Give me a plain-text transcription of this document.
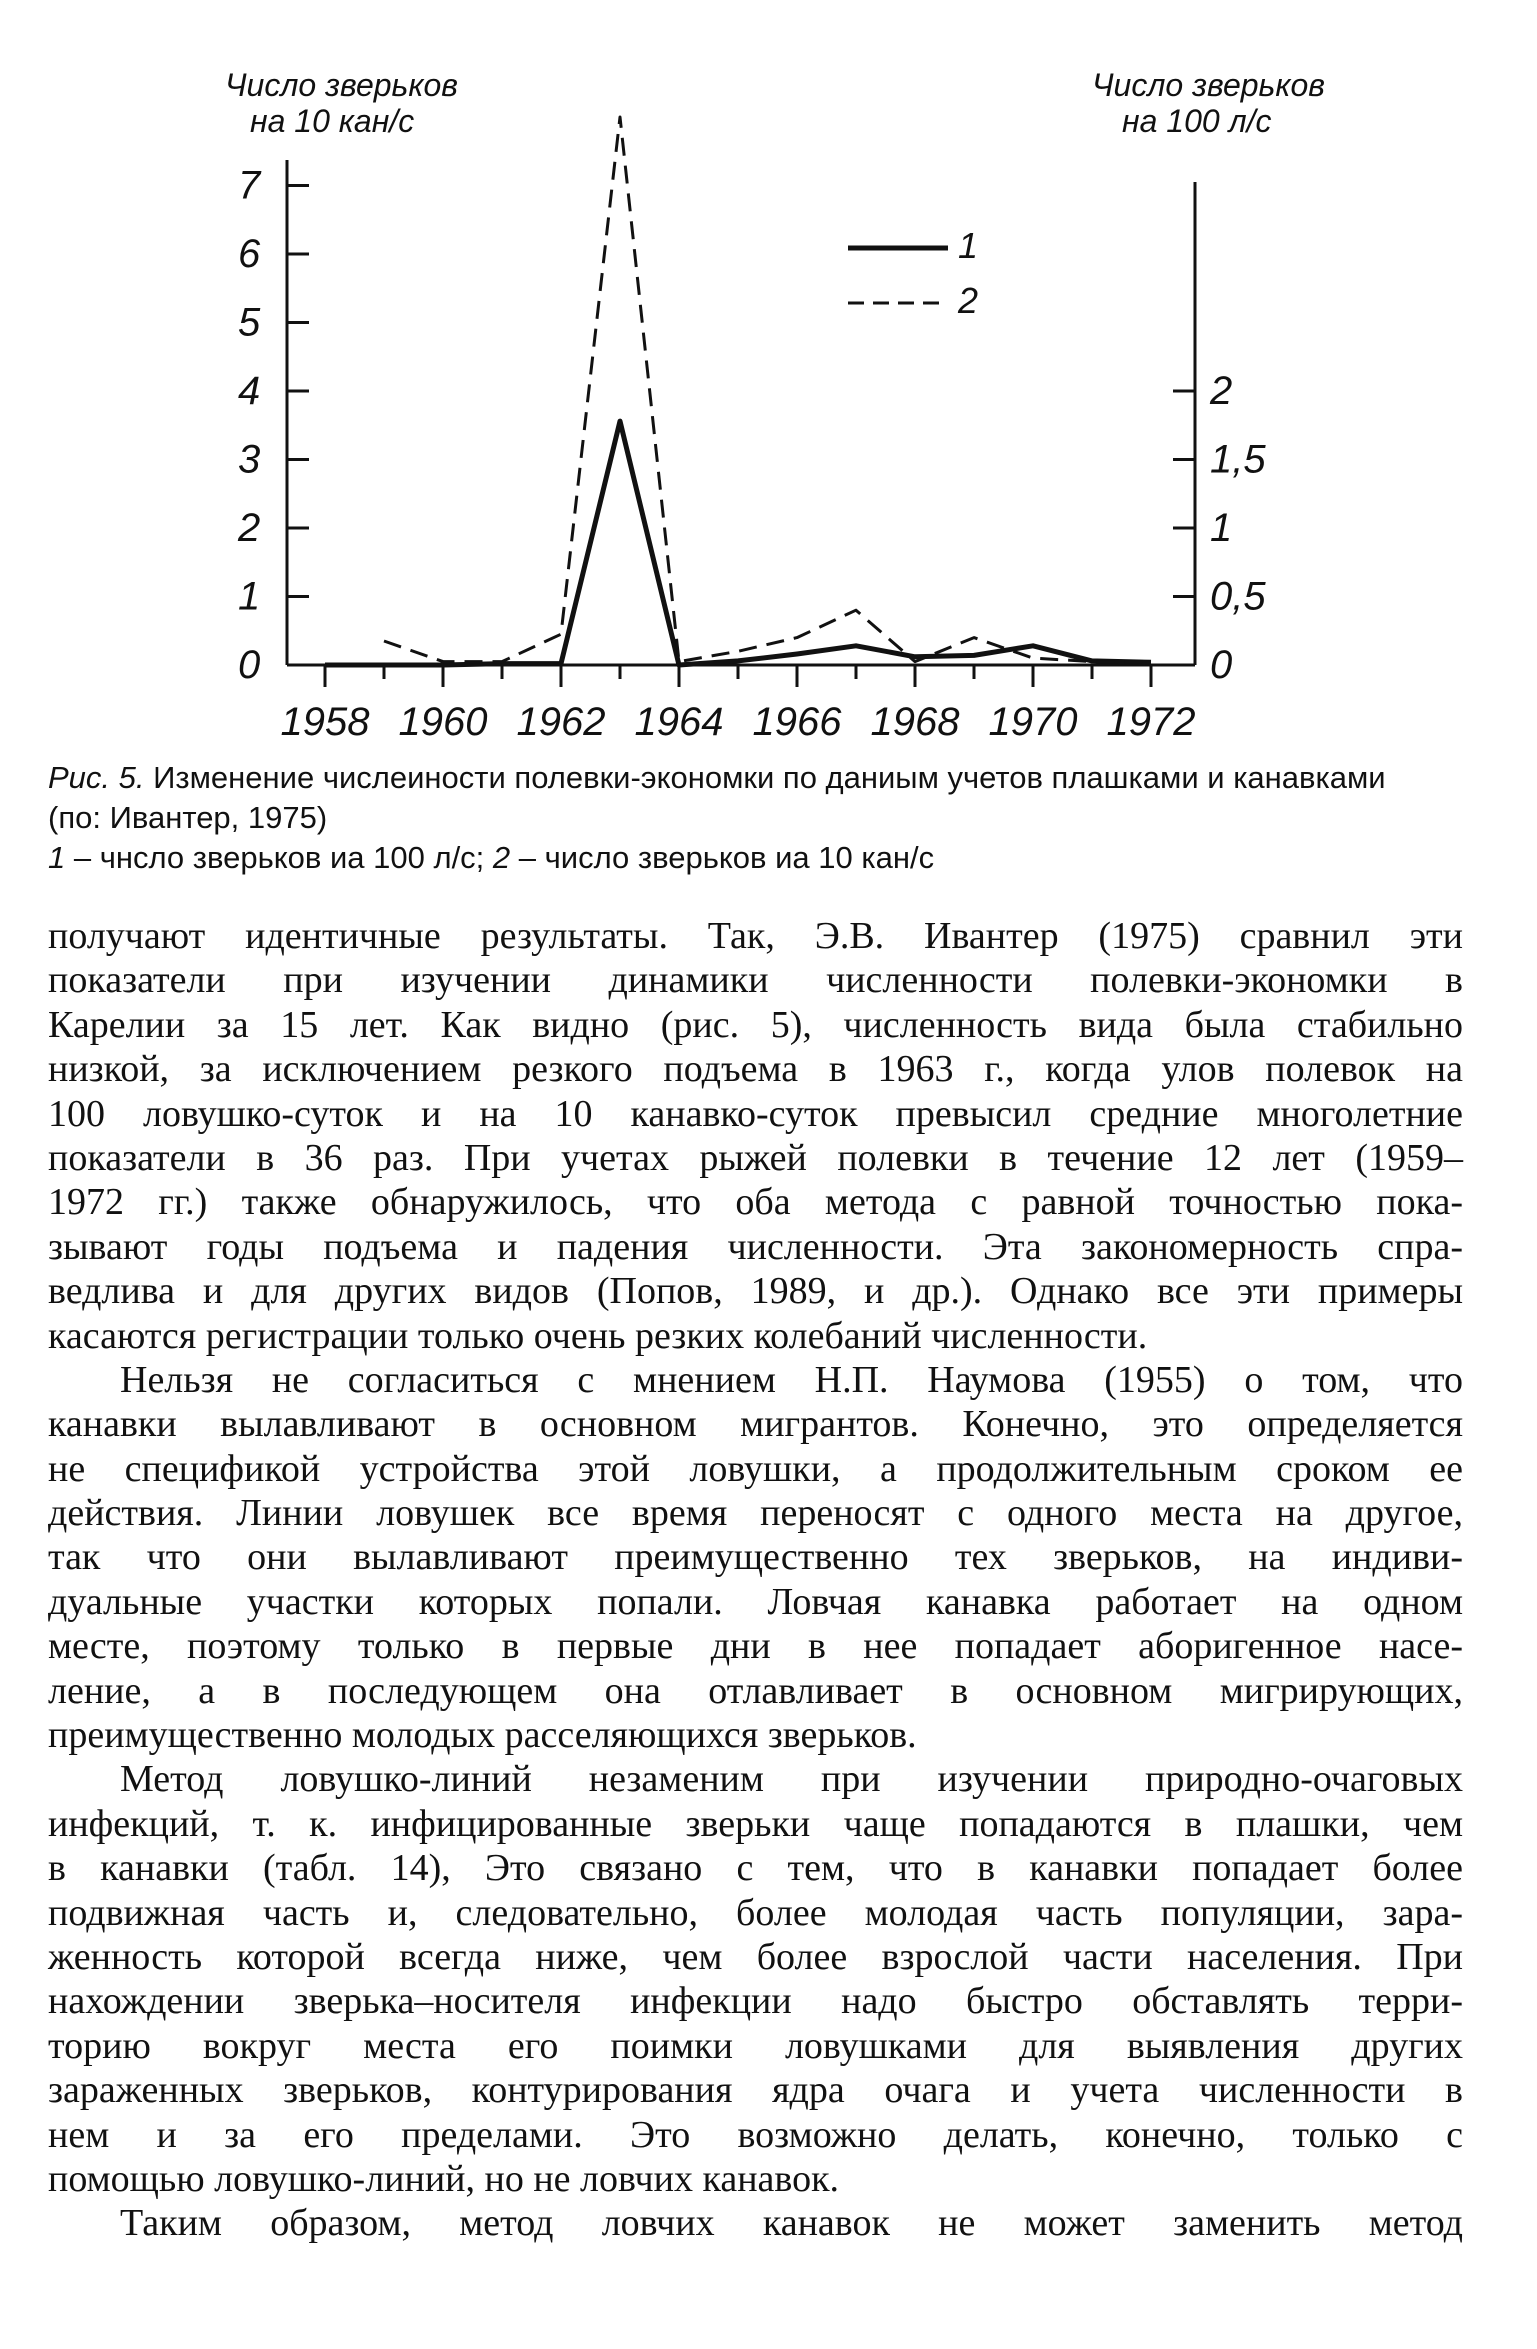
0
1
2
3
4
5
6
7
0
0,5
1
1,5
2
1958 1960 1962 1964 1966 1968 1970 1972
Число зверьков
на 10 кан/с
Число зверьков
на 100 л/с
1
2
Рис. 5. Изменение числеиности полевки-экономки по даниым учетов плашками и канавками
(по: Ивантер, 1975)
1 – чнсло зверьков иа 100 л/с; 2 – число зверьков иа 10 кан/с
получают идентичные результаты. Так, Э.В. Ивантер (1975) сравнил эти
показатели при изучении динамики численности полевки-экономки в
Карелии за 15 лет. Как видно (рис. 5), численность вида была стабильно
низкой, за исключением резкого подъема в 1963 г., когда улов полевок на
100 ловушко-суток и на 10 канавко-суток превысил средние многолетние
показатели в 36 раз. При учетах рыжей полевки в течение 12 лет (1959–
1972 гг.) также обнаружилось, что оба метода с равной точностью пока-
зывают годы подъема и падения численности. Эта закономерность спра-
ведлива и для других видов (Попов, 1989, и др.). Однако все эти примеры
касаются регистрации только очень резких колебаний численности.
Нельзя не согласиться с мнением Н.П. Наумова (1955) о том, что
канавки вылавливают в основном мигрантов. Конечно, это определяется
не спецификой устройства этой ловушки, а продолжительным сроком ее
действия. Линии ловушек все время переносят с одного места на другое,
так что они вылавливают преимущественно тех зверьков, на индиви-
дуальные участки которых попали. Ловчая канавка работает на одном
месте, поэтому только в первые дни в нее попадает аборигенное насе-
ление, а в последующем она отлавливает в основном мигрирующих,
преимущественно молодых расселяющихся зверьков.
Метод ловушко-линий незаменим при изучении природно-очаговых
инфекций, т. к. инфицированные зверьки чаще попадаются в плашки, чем
в канавки (табл. 14), Это связано с тем, что в канавки попадает более
подвижная часть и, следовательно, более молодая часть популяции, зара-
женность которой всегда ниже, чем более взрослой части населения. При
нахождении зверька–носителя инфекции надо быстро обставлять терри-
торию вокруг места его поимки ловушками для выявления других
зараженных зверьков, контурирования ядра очага и учета численности в
нем и за его пределами. Это возможно делать, конечно, только с
помощью ловушко-линий, но не ловчих канавок.
Таким образом, метод ловчих канавок не может заменить метод
